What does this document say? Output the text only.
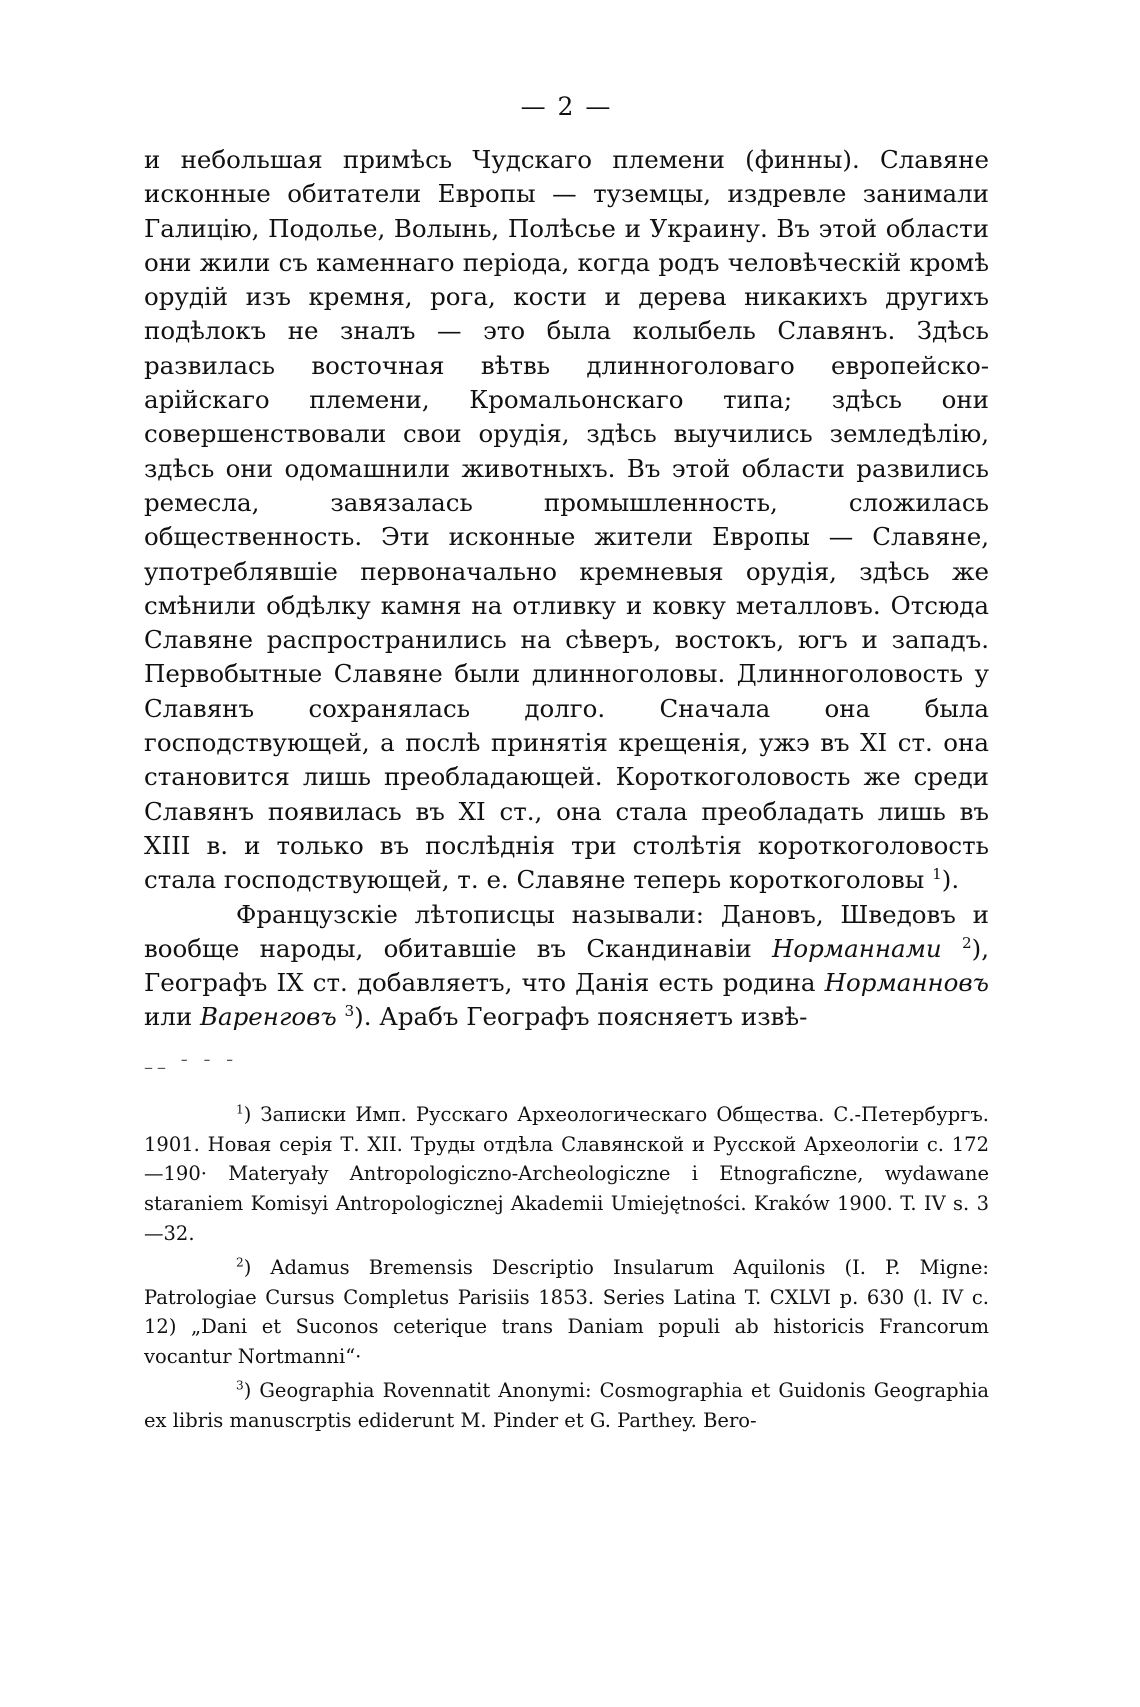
— 2 —

и небольшая примѣсь Чудскаго племени (финны). Славяне исконные обитатели Европы — туземцы, издревле занимали Галицію, Подолье, Волынь, Полѣсье и Украину. Въ этой области они жили съ каменнаго періода, когда родъ человѣческій кромѣ орудій изъ кремня, рога, кости и дерева никакихъ другихъ подѣлокъ не зналъ — это была колыбель Славянъ. Здѣсь развилась восточная вѣтвь длинноголоваго европейско-арійскаго племени, Кромальонскаго типа; здѣсь они совершенствовали свои орудія, здѣсь выучились земледѣлію, здѣсь они одомашнили животныхъ. Въ этой области развились ремесла, завязалась промышленность, сложилась общественность. Эти исконные жители Европы — Славяне, употреблявшіе первоначально кремневыя орудія, здѣсь же смѣнили обдѣлку камня на отливку и ковку металловъ. Отсюда Славяне распространились на сѣверъ, востокъ, югъ и западъ. Первобытные Славяне были длинноголовы. Длинноголовость у Славянъ сохранялась долго. Сначала она была господствующей, а послѣ принятія крещенія, ужэ въ XI ст. она становится лишь преобладающей. Короткоголовость же среди Славянъ появилась въ XI ст., она стала преобладать лишь въ XIII в. и только въ послѣднія три столѣтія короткоголовость стала господствующей, т. е. Славяне теперь короткоголовы $^1$).

Французскіе лѣтописцы называли: Дановъ, Шведовъ и вообще народы, обитавшіе въ Скандинавіи Норманнами $^2$), Географъ IX ст. добавляетъ, что Данія есть родина Норманновъ или Варенговъ $^3$). Арабъ Географъ поясняетъ извѣ-

–– ˉ ˉ ˉ

$^1$) Записки Имп. Русскаго Археологическаго Общества. С.-Петербургъ. 1901. Новая серія Т. XII. Труды отдѣла Славянской и Русской Археологіи с. 172—190· Materyały Antropologiczno-Archeologiczne i Etnograficzne, wydawane staraniem Komisyi Antropologicznej Akademii Umiejętności. Kraków 1900. T. IV s. 3—32.

$^2$) Adamus Bremensis Descriptio Insularum Aquilonis (I. P. Migne: Patrologiae Cursus Completus Parisiis 1853. Series Latina T. CXLVI p. 630 (l. IV c. 12) „Dani et Suconos ceterique trans Daniam populi ab historicis Francorum vocantur Nortmanni“·

$^3$) Geographia Rovennatit Anonymi: Cosmographia et Guidonis Geographia ex libris manuscrptis ediderunt M. Pinder et G. Parthey. Bero-
